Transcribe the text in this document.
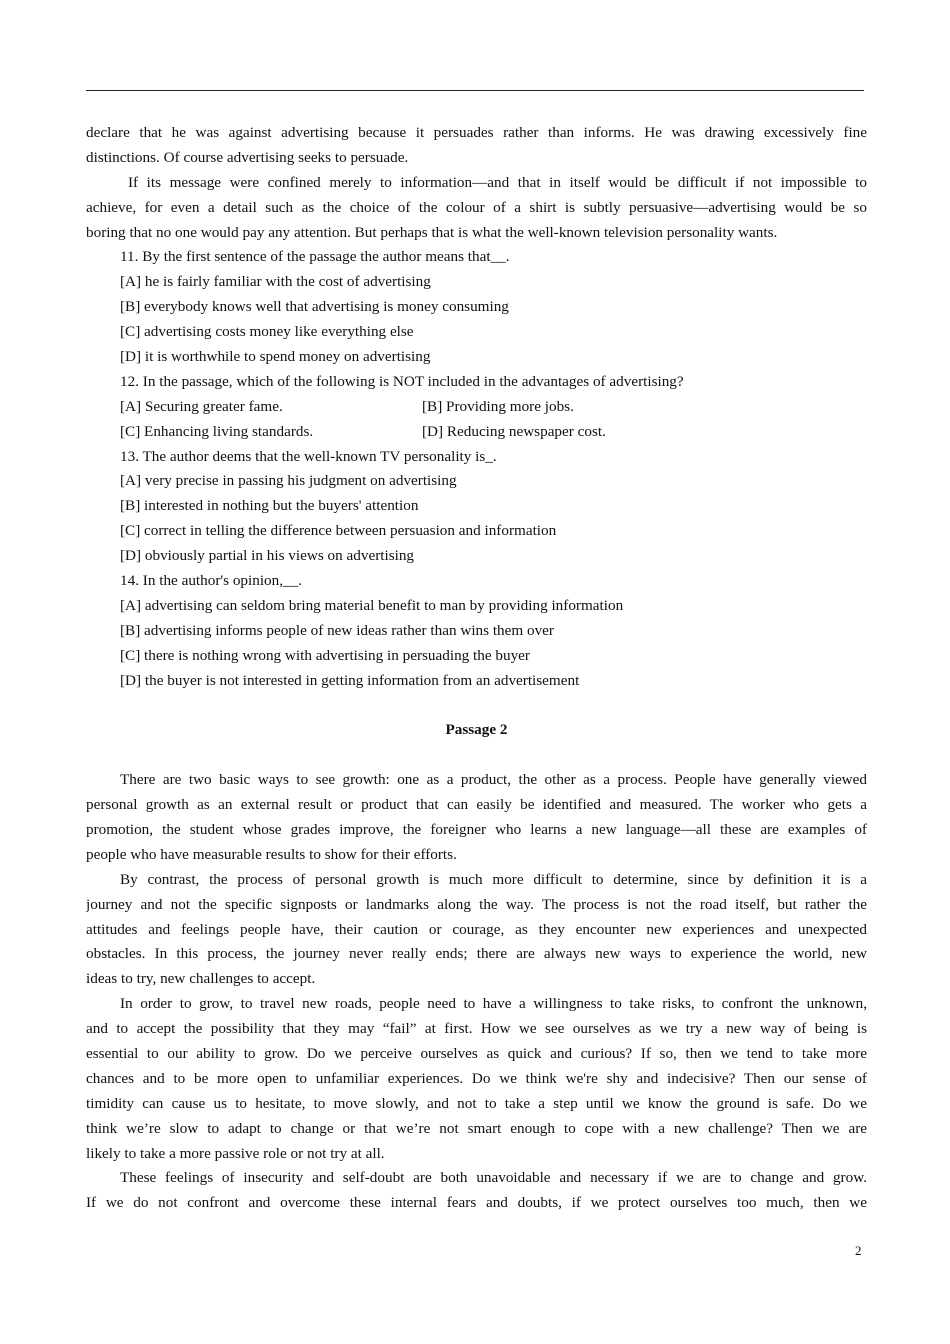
declare that he was against advertising because it persuades rather than informs. He was drawing excessively fine
distinctions. Of course advertising seeks to persuade.
If its message were confined merely to information—and that in itself would be difficult if not impossible to
achieve, for even a detail such as the choice of the colour of a shirt is subtly persuasive—advertising would be so
boring that no one would pay any attention. But perhaps that is what the well-known television personality wants.
11. By the first sentence of the passage the author means that__.
[A] he is fairly familiar with the cost of advertising
[B] everybody knows well that advertising is money consuming
[C] advertising costs money like everything else
[D] it is worthwhile to spend money on advertising
12. In the passage, which of the following is NOT included in the advantages of advertising?
[A] Securing greater fame.	[B] Providing more jobs.
[C] Enhancing living standards.	[D] Reducing newspaper cost.
13. The author deems that the well-known TV personality is_.
[A] very precise in passing his judgment on advertising
[B] interested in nothing but the buyers' attention
[C] correct in telling the difference between persuasion and information
[D] obviously partial in his views on advertising
14. In the author's opinion,__.
[A] advertising can seldom bring material benefit to man by providing information
[B] advertising informs people of new ideas rather than wins them over
[C] there is nothing wrong with advertising in persuading the buyer
[D] the buyer is not interested in getting information from an advertisement
Passage 2
There are two basic ways to see growth: one as a product, the other as a process. People have generally viewed
personal growth as an external result or product that can easily be identified and measured. The worker who gets a
promotion, the student whose grades improve, the foreigner who learns a new language—all these are examples of
people who have measurable results to show for their efforts.
By contrast, the process of personal growth is much more difficult to determine, since by definition it is a
journey and not the specific signposts or landmarks along the way. The process is not the road itself, but rather the
attitudes and feelings people have, their caution or courage, as they encounter new experiences and unexpected
obstacles. In this process, the journey never really ends; there are always new ways to experience the world, new
ideas to try, new challenges to accept.
In order to grow, to travel new roads, people need to have a willingness to take risks, to confront the unknown,
and to accept the possibility that they may “fail” at first. How we see ourselves as we try a new way of being is
essential to our ability to grow. Do we perceive ourselves as quick and curious? If so, then we tend to take more
chances and to be more open to unfamiliar experiences. Do we think we're shy and indecisive? Then our sense of
timidity can cause us to hesitate, to move slowly, and not to take a step until we know the ground is safe. Do we
think we’re slow to adapt to change or that we’re not smart enough to cope with a new challenge? Then we are
likely to take a more passive role or not try at all.
These feelings of insecurity and self-doubt are both unavoidable and necessary if we are to change and grow.
If we do not confront and overcome these internal fears and doubts, if we protect ourselves too much, then we
2
